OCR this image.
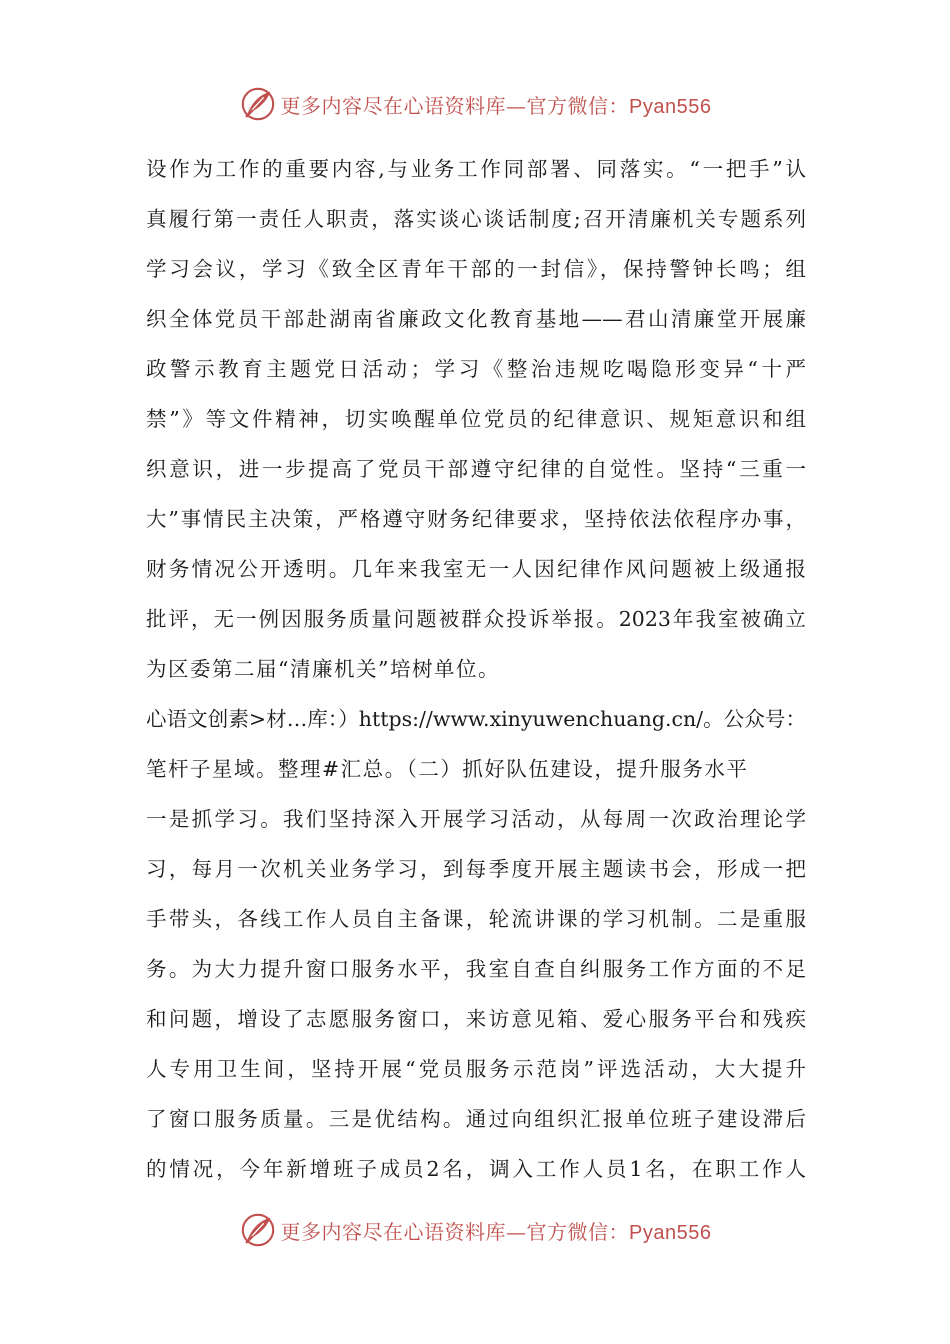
更多内容尽在心语资料库—官方微信：Pyan556
设作为工作的重要内容,与业务工作同部署、同落实。“一把手”认
真履行第一责任人职责，落实谈心谈话制度;召开清廉机关专题系列
学习会议，学习《致全区青年干部的一封信》，保持警钟长鸣；组
织全体党员干部赴湖南省廉政文化教育基地——君山清廉堂开展廉
政警示教育主题党日活动；学习《整治违规吃喝隐形变异“十严
禁”》等文件精神，切实唤醒单位党员的纪律意识、规矩意识和组
织意识，进一步提高了党员干部遵守纪律的自觉性。坚持“三重一
大”事情民主决策，严格遵守财务纪律要求，坚持依法依程序办事，
财务情况公开透明。几年来我室无一人因纪律作风问题被上级通报
批评，无一例因服务质量问题被群众投诉举报。2023年我室被确立
为区委第二届“清廉机关”培树单位。
心语文创素>材…库：）https://www.xinyuwenchuang.cn/。公众号：
笔杆子星域。整理#汇总。（二）抓好队伍建设，提升服务水平
一是抓学习。我们坚持深入开展学习活动，从每周一次政治理论学
习，每月一次机关业务学习，到每季度开展主题读书会，形成一把
手带头，各线工作人员自主备课，轮流讲课的学习机制。二是重服
务。为大力提升窗口服务水平，我室自查自纠服务工作方面的不足
和问题，增设了志愿服务窗口，来访意见箱、爱心服务平台和残疾
人专用卫生间，坚持开展“党员服务示范岗”评选活动，大大提升
了窗口服务质量。三是优结构。通过向组织汇报单位班子建设滞后
的情况，今年新增班子成员2名，调入工作人员1名，在职工作人
更多内容尽在心语资料库—官方微信：Pyan556
